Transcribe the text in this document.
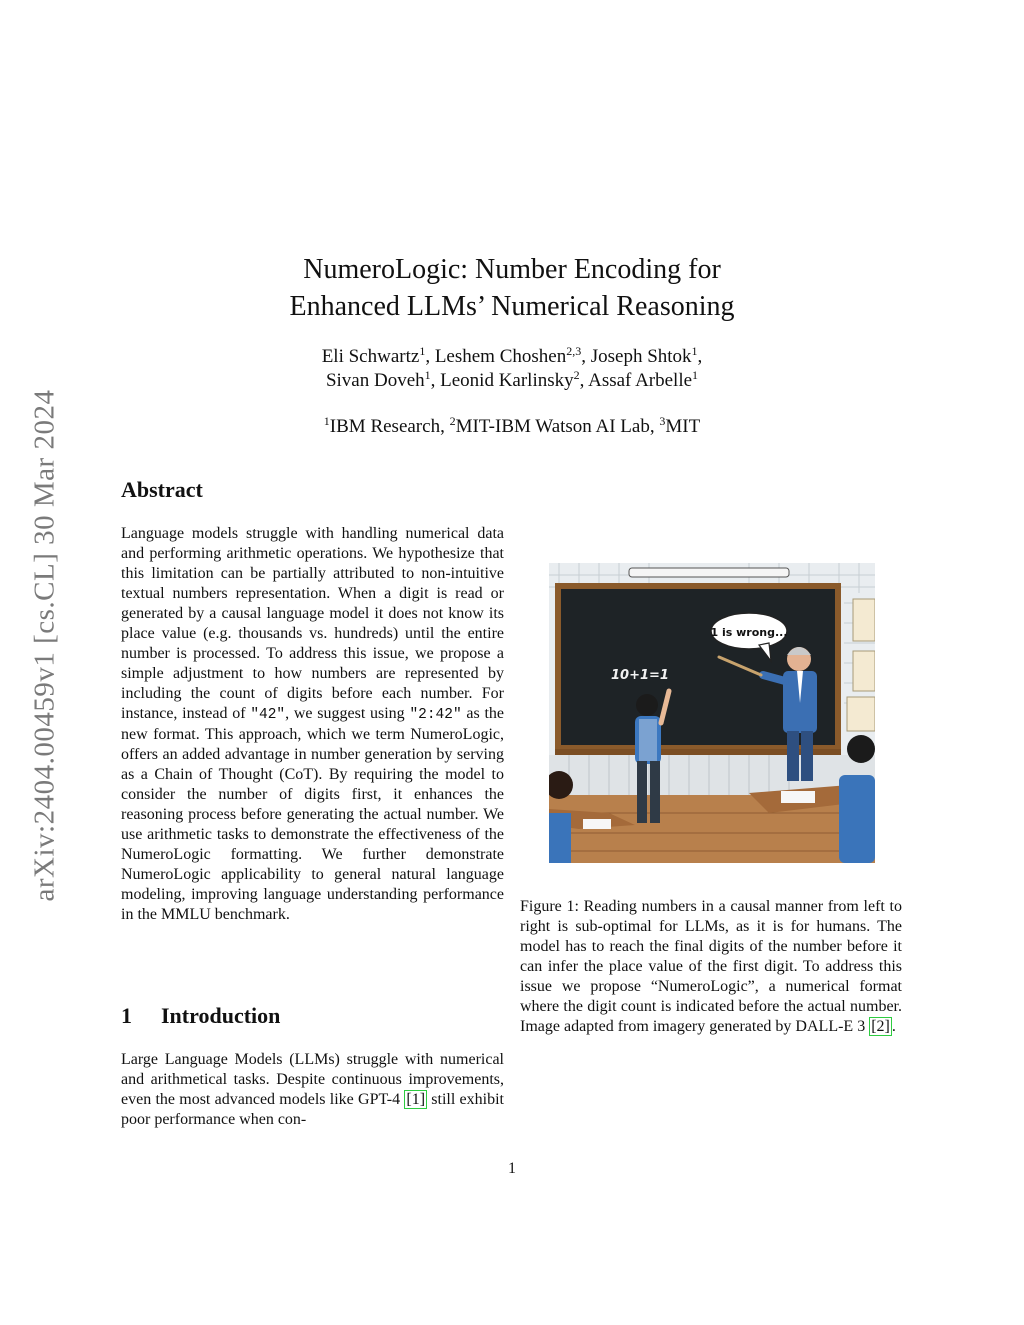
arXiv:2404.00459v1 [cs.CL] 30 Mar 2024
NumeroLogic: Number Encoding for
Enhanced LLMs’ Numerical Reasoning
Eli Schwartz$^1$, Leshem Choshen$^{2,3}$, Joseph Shtok$^1$,
Sivan Doveh$^1$, Leonid Karlinsky$^2$, Assaf Arbelle$^1$
$^1$IBM Research, $^2$MIT-IBM Watson AI Lab, $^3$MIT
Abstract

Language models struggle with handling numerical data and performing arithmetic operations. We hypothesize that this limitation can be partially attributed to non-intuitive textual numbers representation. When a digit is read or generated by a causal language model it does not know its place value (e.g. thousands vs. hundreds) until the entire number is processed. To address this issue, we propose a simple adjustment to how numbers are represented by including the count of digits before each number. For instance, instead of "42", we suggest using "2:42" as the new format. This approach, which we term NumeroLogic, offers an added advantage in number generation by serving as a Chain of Thought (CoT). By requiring the model to consider the number of digits first, it enhances the reasoning process before generating the actual number. We use arithmetic tasks to demonstrate the effectiveness of the NumeroLogic formatting. We further demonstrate NumeroLogic applicability to general natural language modeling, improving language understanding performance in the MMLU benchmark.

1 Introduction

Large Language Models (LLMs) struggle with numerical and arithmetical tasks. Despite continuous improvements, even the most advanced models like GPT-4 [1] still exhibit poor performance when con-

1 is wrong...
10+1=1

Figure 1: Reading numbers in a causal manner from left to right is sub-optimal for LLMs, as it is for humans. The model has to reach the final digits of the number before it can infer the place value of the first digit. To address this issue we propose “NumeroLogic”, a numerical format where the digit count is indicated before the actual number. Image adapted from imagery generated by DALL-E 3 [2] .

1
